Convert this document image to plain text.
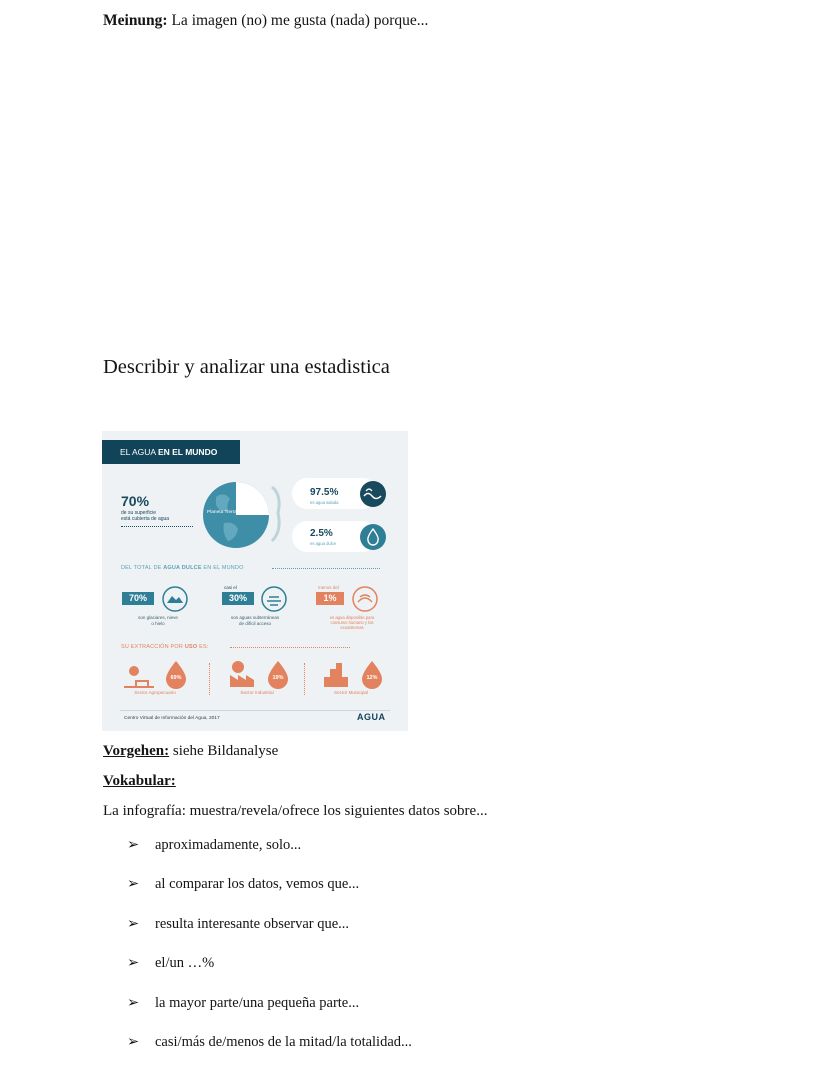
Meinung: La imagen (no) me gusta (nada) porque...
Describir y analizar una estadistica
EL AGUA EN EL MUNDO
70%
de su superficie
está cubierta de agua
Planeta Tierra
97.5%
es agua salada
2.5%
es agua dulce
DEL TOTAL DE AGUA DULCE EN EL MUNDO
70%
son glaciares, nieve
o hielo
casi el
30%
son aguas subterráneas
de difícil acceso
menos del
1%
es agua disponible para
consumo humano y los
ecosistemas
SU EXTRACCIÓN POR USO ES:
69%
Sector Agropecuario
19%
Sector Industrial
12%
Sector Municipal
Centro Virtual de Información del Agua, 2017	AGUA
Vorgehen: siehe Bildanalyse
Vokabular:
La infografía: muestra/revela/ofrece los siguientes datos sobre...
➢	aproximadamente, solo...
➢	al comparar los datos, vemos que...
➢	resulta interesante observar que...
➢	el/un …%
➢	la mayor parte/una pequeña parte...
➢	casi/más de/menos de la mitad/la totalidad...
